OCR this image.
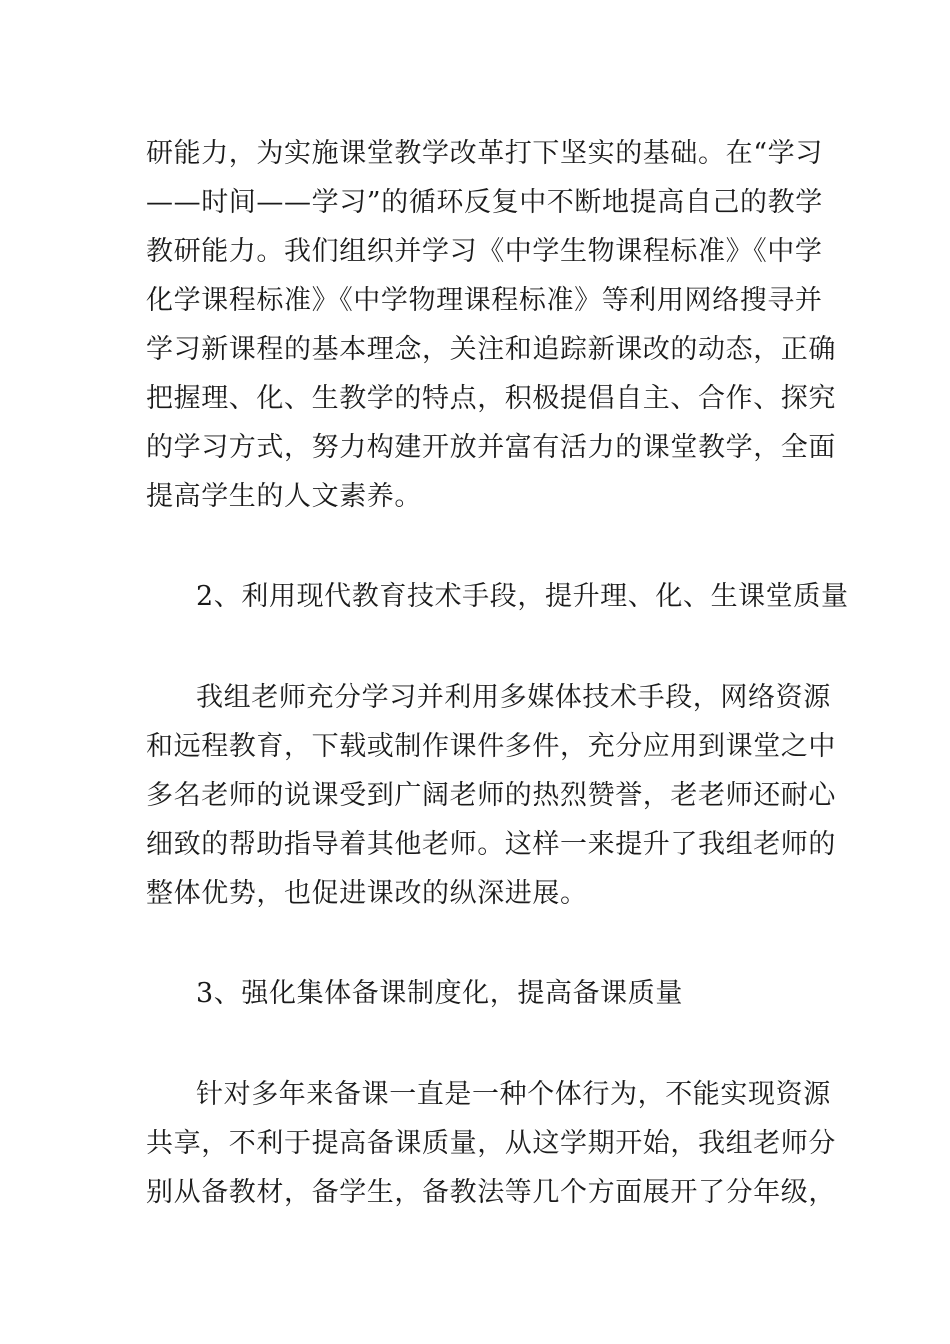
研能力，为实施课堂教学改革打下坚实的基础。在“学习
——时间——学习”的循环反复中不断地提高自己的教学
教研能力。我们组织并学习《中学生物课程标准》《中学
化学课程标准》《中学物理课程标准》等利用网络搜寻并
学习新课程的基本理念，关注和追踪新课改的动态，正确
把握理、化、生教学的特点，积极提倡自主、合作、探究
的学习方式，努力构建开放并富有活力的课堂教学，全面
提高学生的人文素养。
2、利用现代教育技术手段，提升理、化、生课堂质量
我组老师充分学习并利用多媒体技术手段，网络资源
和远程教育，下载或制作课件多件，充分应用到课堂之中
多名老师的说课受到广阔老师的热烈赞誉，老老师还耐心
细致的帮助指导着其他老师。这样一来提升了我组老师的
整体优势，也促进课改的纵深进展。
3、强化集体备课制度化，提高备课质量
针对多年来备课一直是一种个体行为，不能实现资源
共享，不利于提高备课质量，从这学期开始，我组老师分
别从备教材，备学生，备教法等几个方面展开了分年级，
